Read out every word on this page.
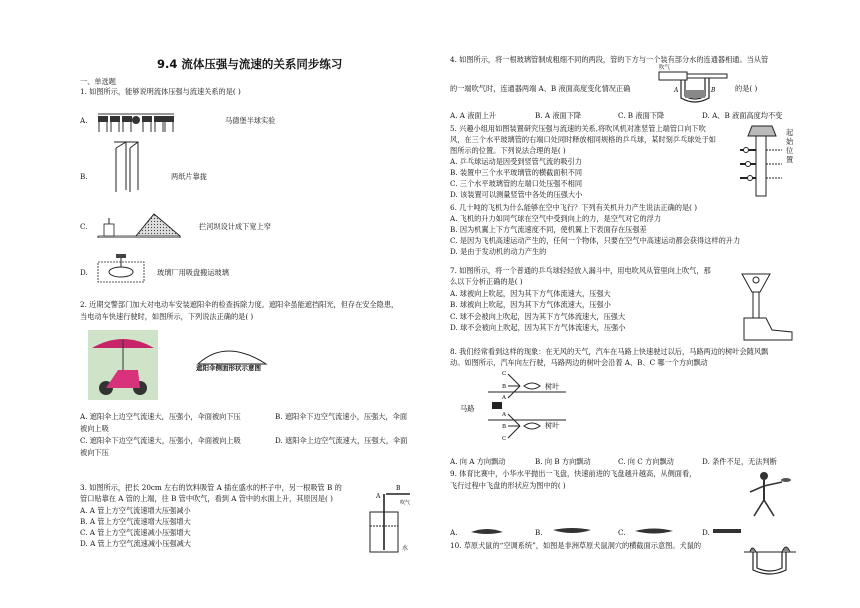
9.4 流体压强与流速的关系同步练习
一、单选题
1. 如图所示，能够说明流体压强与流速关系的是( )
A.	马德堡半球实验
B.	两纸片靠拢
C.	拦河坝设计成下宽上窄
D.	玻璃厂用吸盘搬运玻璃
2. 近期交警部门加大对电动车安装遮阳伞的检查拆除力度。遮阳伞虽能遮挡阳光，但存在安全隐患，
当电动车快速行驶时，如图所示，下列说法正确的是( )
遮阳伞侧面形状示意图
A. 遮阳伞上边空气流速大，压强小，伞面被向下压	B. 遮阳伞下边空气流速小，压强大，伞面
被向上吸
C. 遮阳伞下边空气流速大，压强小，伞面被向上吸	D. 遮阳伞上边空气流速大，压强大，伞面
被向下压
3. 如图所示，把长 20cm 左右的饮料吸管 A 插在盛水的杯子中，另一根吸管 B 的
管口贴靠在 A 管的上端，往 B 管中吹气，看到 A 管中的水面上升，其原因是( )
A. A 管上方空气流速增大压强减小
B. A 管上方空气流速增大压强增大
C. A 管上方空气流速减小压强增大
D. A 管上方空气流速减小压强减大
A
B
吹气
水
4. 如图所示，将一根玻璃管制成粗细不同的两段，管的下方与一个装有部分水的连通器相通。当从管
的一端吹气时，连通器两端 A、B 液面高度变化情况正确	的是( )
吹气
A	B
A. A 液面上升	B. A 液面下降	C. B 液面下降	D. A、B 液面高度均不变
5. 兴趣小组用如图装置研究压强与流速的关系,将吹风机对准竖管上端管口向下吹
风，在三个水平玻璃管的右端口处同时释放相同规格的乒乓球，某时刻乒乓球处于如
图所示的位置。下列说法合理的是( )
A. 乒乓球运动是因受到竖管气流的吸引力
B. 装置中三个水平玻璃管的横截面积不同
C. 三个水平玻璃管的左端口处压强不相同
D. 该装置可以测量竖管中各处的压强大小
起始位置
6. 几十吨的飞机为什么能够在空中飞行？下列有关机升力产生说法正确的是( )
A. 飞机的升力如同气球在空气中受到向上的力，是空气对它的浮力
B. 因为机翼上下方气流速度不同，使机翼上下表面存在压强差
C. 是因为飞机高速运动产生的，任何一个物体，只要在空气中高速运动都会获得这样的升力
D. 是由于发动机的动力产生的
7. 如图所示，将一个普通的乒乓球轻轻放入漏斗中，用电吹风从管里向上吹气，那
么以下分析正确的是( )
A. 球被向上吹起，因为其下方气体流速大，压强大
B. 球被向上吹起，因为其下方气体流速大，压强小
C. 球不会被向上吹起，因为其下方气体流速大，压强大
D. 球不会被向上吹起，因为其下方气体流速大，压强小
8. 我们经常看到这样的现象：在无风的天气，汽车在马路上快速驶过以后，马路两边的树叶会随风飘
动。如图所示，汽车向左行驶，马路两边的树叶会沿着 A、B、C 哪一个方向飘动
C
B
A
A
B
C
马路
树叶
树叶
A. 向 A 方向飘动	B. 向 B 方向飘动	C. 向 C 方向飘动	D. 条件不足，无法判断
9. 体育比赛中，小华水平抛出一飞盘，快速前进的飞盘越升越高，从侧面看，
飞行过程中飞盘的形状应为图中的( )
A.	B.	C.	D.
10. 草原犬鼠的“空调系统”，如图是非洲草原犬鼠洞穴的横截面示意图。犬鼠的
